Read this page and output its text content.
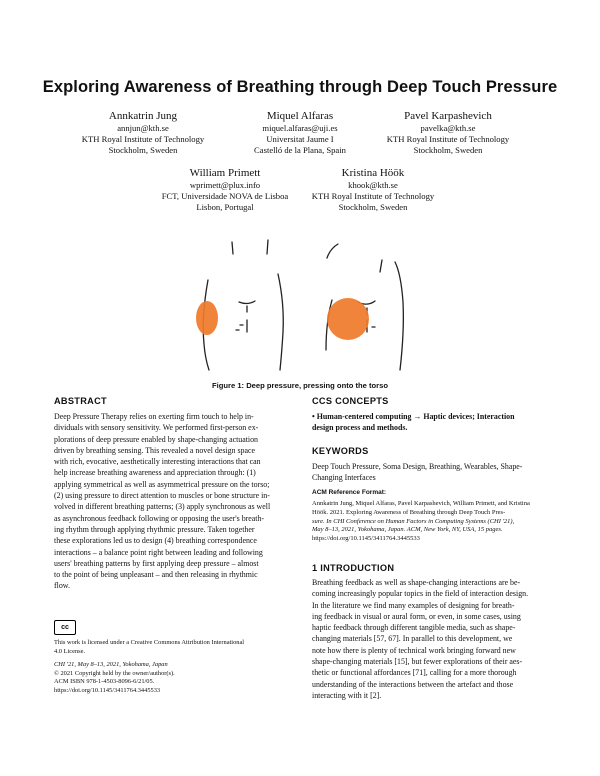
Exploring Awareness of Breathing through Deep Touch Pressure
Annkatrin Jung
annjun@kth.se
KTH Royal Institute of Technology
Stockholm, Sweden
Miquel Alfaras
miquel.alfaras@uji.es
Universitat Jaume I
Castelló de la Plana, Spain
Pavel Karpashevich
pavelka@kth.se
KTH Royal Institute of Technology
Stockholm, Sweden
William Primett
wprimett@plux.info
FCT, Universidade NOVA de Lisboa
Lisbon, Portugal
Kristina Höök
khook@kth.se
KTH Royal Institute of Technology
Stockholm, Sweden
Figure 1: Deep pressure, pressing onto the torso
ABSTRACT
Deep Pressure Therapy relies on exerting firm touch to help in-
dividuals with sensory sensitivity. We performed first-person ex-
plorations of deep pressure enabled by shape-changing actuation
driven by breathing sensing. This revealed a novel design space
with rich, evocative, aesthetically interesting interactions that can
help increase breathing awareness and appreciation through: (1)
applying symmetrical as well as asymmetrical pressure on the torso;
(2) using pressure to direct attention to muscles or bone structure in-
volved in different breathing patterns; (3) apply synchronous as well
as asynchronous feedback following or opposing the user's breath-
ing rhythm through applying rhythmic pressure. Taken together
these explorations led us to design (4) breathing correspondence
interactions – a balance point right between leading and following
users' breathing patterns by first applying deep pressure – almost
to the point of being unpleasant – and then releasing in rhythmic
flow.
cc
This work is licensed under a Creative Commons Attribution International
4.0 License.
CHI '21, May 8–13, 2021, Yokohama, Japan
© 2021 Copyright held by the owner/author(s).
ACM ISBN 978-1-4503-8096-6/21/05.
https://doi.org/10.1145/3411764.3445533
CCS CONCEPTS
• Human-centered computing → Haptic devices; Interaction
design process and methods.
KEYWORDS
Deep Touch Pressure, Soma Design, Breathing, Wearables, Shape-
Changing Interfaces
ACM Reference Format:
Annkatrin Jung, Miquel Alfaras, Pavel Karpashevich, William Primett, and Kristina
Höök. 2021. Exploring Awareness of Breathing through Deep Touch Pres-
sure. In CHI Conference on Human Factors in Computing Systems (CHI '21),
May 8–13, 2021, Yokohama, Japan. ACM, New York, NY, USA, 15 pages.
https://doi.org/10.1145/3411764.3445533
1 INTRODUCTION
Breathing feedback as well as shape-changing interactions are be-
coming increasingly popular topics in the field of interaction design.
In the literature we find many examples of designing for breath-
ing feedback in visual or aural form, or even, in some cases, using
haptic feedback through different tangible media, such as shape-
changing materials [57, 67]. In parallel to this development, we
note how there is plenty of technical work bringing forward new
shape-changing materials [15], but fewer explorations of their aes-
thetic or functional affordances [71], calling for a more thorough
understanding of the interactions between the artefact and those
interacting with it [2].
